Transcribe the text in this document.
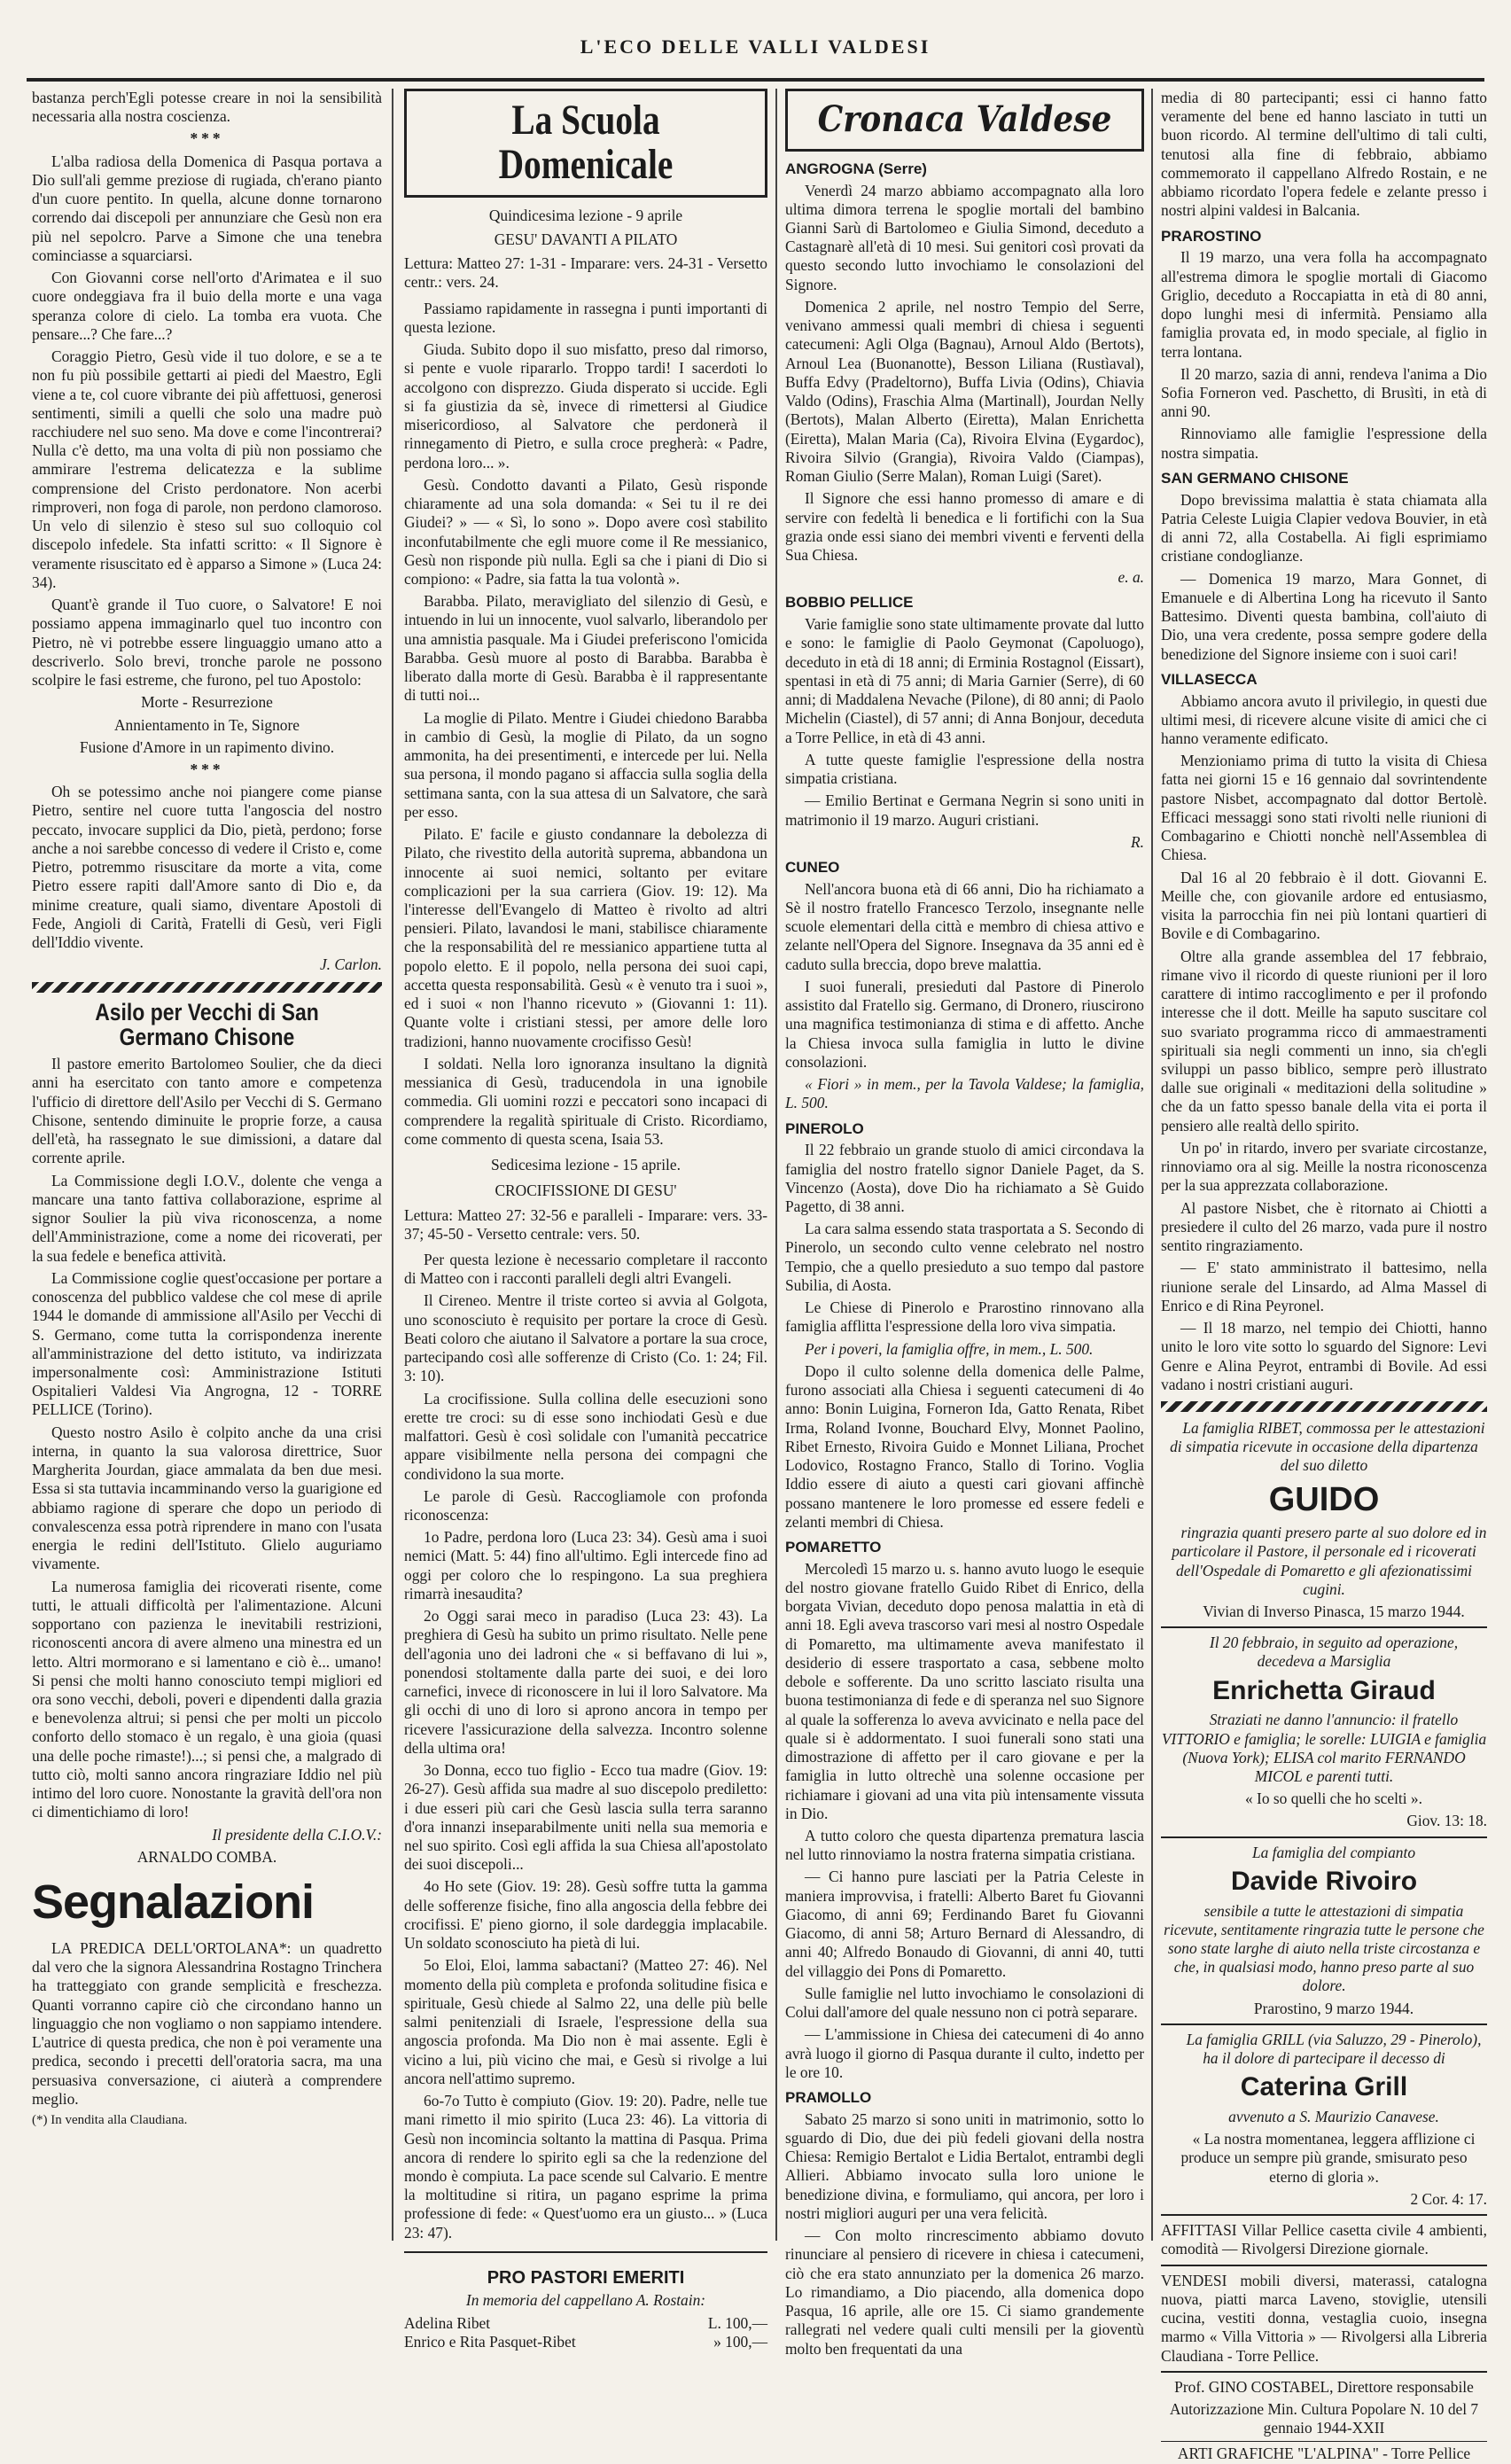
L'ECO DELLE VALLI VALDESI

bastanza perch'Egli potesse creare in noi la sensibilità necessaria alla nostra coscienza.

***

L'alba radiosa della Domenica di Pasqua portava a Dio sull'ali gemme preziose di rugiada, ch'erano pianto d'un cuore pentito. In quella, alcune donne tornarono correndo dai discepoli per annunziare che Gesù non era più nel sepolcro. Parve a Simone che una tenebra cominciasse a squarciarsi.

Con Giovanni corse nell'orto d'Arimatea e il suo cuore ondeggiava fra il buio della morte e una vaga speranza colore di cielo. La tomba era vuota. Che pensare...? Che fare...?

Coraggio Pietro, Gesù vide il tuo dolore, e se a te non fu più possibile gettarti ai piedi del Maestro, Egli viene a te, col cuore vibrante dei più affettuosi, generosi sentimenti, simili a quelli che solo una madre può racchiudere nel suo seno. Ma dove e come l'incontrerai? Nulla c'è detto, ma una volta di più non possiamo che ammirare l'estrema delicatezza e la sublime comprensione del Cristo perdonatore. Non acerbi rimproveri, non foga di parole, non perdono clamoroso. Un velo di silenzio è steso sul suo colloquio col discepolo infedele. Sta infatti scritto: « Il Signore è veramente risuscitato ed è apparso a Simone » (Luca 24: 34).

Quant'è grande il Tuo cuore, o Salvatore! E noi possiamo appena immaginarlo quel tuo incontro con Pietro, nè vi potrebbe essere linguaggio umano atto a descriverlo. Solo brevi, tronche parole ne possono scolpire le fasi estreme, che furono, pel tuo Apostolo:

Morte - Resurrezione

Annientamento in Te, Signore

Fusione d'Amore in un rapimento divino.

***

Oh se potessimo anche noi piangere come pianse Pietro, sentire nel cuore tutta l'angoscia del nostro peccato, invocare supplici da Dio, pietà, perdono; forse anche a noi sarebbe concesso di vedere il Cristo e, come Pietro, potremmo risuscitare da morte a vita, come Pietro essere rapiti dall'Amore santo di Dio e, da minime creature, quali siamo, diventare Apostoli di Fede, Angioli di Carità, Fratelli di Gesù, veri Figli dell'Iddio vivente.

J. Carlon.

Asilo per Vecchi di San Germano Chisone

Il pastore emerito Bartolomeo Soulier, che da dieci anni ha esercitato con tanto amore e competenza l'ufficio di direttore dell'Asilo per Vecchi di S. Germano Chisone, sentendo diminuite le proprie forze, a causa dell'età, ha rassegnato le sue dimissioni, a datare dal corrente aprile.

La Commissione degli I.O.V., dolente che venga a mancare una tanto fattiva collaborazione, esprime al signor Soulier la più viva riconoscenza, a nome dell'Amministrazione, come a nome dei ricoverati, per la sua fedele e benefica attività.

La Commissione coglie quest'occasione per portare a conoscenza del pubblico valdese che col mese di aprile 1944 le domande di ammissione all'Asilo per Vecchi di S. Germano, come tutta la corrispondenza inerente all'amministrazione del detto istituto, va indirizzata impersonalmente così: Amministrazione Istituti Ospitalieri Valdesi Via Angrogna, 12 - TORRE PELLICE (Torino).

Questo nostro Asilo è colpito anche da una crisi interna, in quanto la sua valorosa direttrice, Suor Margherita Jourdan, giace ammalata da ben due mesi. Essa si sta tuttavia incamminando verso la guarigione ed abbiamo ragione di sperare che dopo un periodo di convalescenza essa potrà riprendere in mano con l'usata energia le redini dell'Istituto. Glielo auguriamo vivamente.

La numerosa famiglia dei ricoverati risente, come tutti, le attuali difficoltà per l'alimentazione. Alcuni sopportano con pazienza le inevitabili restrizioni, riconoscenti ancora di avere almeno una minestra ed un letto. Altri mormorano e si lamentano e ciò è... umano! Si pensi che molti hanno conosciuto tempi migliori ed ora sono vecchi, deboli, poveri e dipendenti dalla grazia e benevolenza altrui; si pensi che per molti un piccolo conforto dello stomaco è un regalo, è una gioia (quasi una delle poche rimaste!)...; si pensi che, a malgrado di tutto ciò, molti sanno ancora ringraziare Iddio nel più intimo del loro cuore. Nonostante la gravità dell'ora non ci dimentichiamo di loro!

Il presidente della C.I.O.V.:

ARNALDO COMBA.

Segnalazioni

LA PREDICA DELL'ORTOLANA*: un quadretto dal vero che la signora Alessandrina Rostagno Trinchera ha tratteggiato con grande semplicità e freschezza. Quanti vorranno capire ciò che circondano hanno un linguaggio che non vogliamo o non sappiamo intendere. L'autrice di questa predica, che non è poi veramente una predica, secondo i precetti dell'oratoria sacra, ma una persuasiva conversazione, ci aiuterà a comprendere meglio.

(*) In vendita alla Claudiana.

La Scuola Domenicale

Quindicesima lezione - 9 aprile

GESU' DAVANTI A PILATO

Lettura: Matteo 27: 1-31 - Imparare: vers. 24-31 - Versetto centr.: vers. 24.

Passiamo rapidamente in rassegna i punti importanti di questa lezione.

Giuda. Subito dopo il suo misfatto, preso dal rimorso, si pente e vuole ripararlo. Troppo tardi! I sacerdoti lo accolgono con disprezzo. Giuda disperato si uccide. Egli si fa giustizia da sè, invece di rimettersi al Giudice misericordioso, al Salvatore che perdonerà il rinnegamento di Pietro, e sulla croce pregherà: « Padre, perdona loro... ».

Gesù. Condotto davanti a Pilato, Gesù risponde chiaramente ad una sola domanda: « Sei tu il re dei Giudei? » — « Sì, lo sono ». Dopo avere così stabilito inconfutabilmente che egli muore come il Re messianico, Gesù non risponde più nulla. Egli sa che i piani di Dio si compiono: « Padre, sia fatta la tua volontà ».

Barabba. Pilato, meravigliato del silenzio di Gesù, e intuendo in lui un innocente, vuol salvarlo, liberandolo per una amnistia pasquale. Ma i Giudei preferiscono l'omicida Barabba. Gesù muore al posto di Barabba. Barabba è liberato dalla morte di Gesù. Barabba è il rappresentante di tutti noi...

La moglie di Pilato. Mentre i Giudei chiedono Barabba in cambio di Gesù, la moglie di Pilato, da un sogno ammonita, ha dei presentimenti, e intercede per lui. Nella sua persona, il mondo pagano si affaccia sulla soglia della settimana santa, con la sua attesa di un Salvatore, che sarà per esso.

Pilato. E' facile e giusto condannare la debolezza di Pilato, che rivestito della autorità suprema, abbandona un innocente ai suoi nemici, soltanto per evitare complicazioni per la sua carriera (Giov. 19: 12). Ma l'interesse dell'Evangelo di Matteo è rivolto ad altri pensieri. Pilato, lavandosi le mani, stabilisce chiaramente che la responsabilità del re messianico appartiene tutta al popolo eletto. E il popolo, nella persona dei suoi capi, accetta questa responsabilità. Gesù « è venuto tra i suoi », ed i suoi « non l'hanno ricevuto » (Giovanni 1: 11). Quante volte i cristiani stessi, per amore delle loro tradizioni, hanno nuovamente crocifisso Gesù!

I soldati. Nella loro ignoranza insultano la dignità messianica di Gesù, traducendola in una ignobile commedia. Gli uomini rozzi e peccatori sono incapaci di comprendere la regalità spirituale di Cristo. Ricordiamo, come commento di questa scena, Isaia 53.

Sedicesima lezione - 15 aprile.

CROCIFISSIONE DI GESU'

Lettura: Matteo 27: 32-56 e paralleli - Imparare: vers. 33-37; 45-50 - Versetto centrale: vers. 50.

Per questa lezione è necessario completare il racconto di Matteo con i racconti paralleli degli altri Evangeli.

Il Cireneo. Mentre il triste corteo si avvia al Golgota, uno sconosciuto è requisito per portare la croce di Gesù. Beati coloro che aiutano il Salvatore a portare la sua croce, partecipando così alle sofferenze di Cristo (Co. 1: 24; Fil. 3: 10).

La crocifissione. Sulla collina delle esecuzioni sono erette tre croci: su di esse sono inchiodati Gesù e due malfattori. Gesù è così solidale con l'umanità peccatrice appare visibilmente nella persona dei compagni che condividono la sua morte.

Le parole di Gesù. Raccogliamole con profonda riconoscenza:

1o Padre, perdona loro (Luca 23: 34). Gesù ama i suoi nemici (Matt. 5: 44) fino all'ultimo. Egli intercede fino ad oggi per coloro che lo respingono. La sua preghiera rimarrà inesaudita?

2o Oggi sarai meco in paradiso (Luca 23: 43). La preghiera di Gesù ha subito un primo risultato. Nelle pene dell'agonia uno dei ladroni che « si beffavano di lui », ponendosi stoltamente dalla parte dei suoi, e dei loro carnefici, invece di riconoscere in lui il loro Salvatore. Ma gli occhi di uno di loro si aprono ancora in tempo per ricevere l'assicurazione della salvezza. Incontro solenne della ultima ora!

3o Donna, ecco tuo figlio - Ecco tua madre (Giov. 19: 26-27). Gesù affida sua madre al suo discepolo prediletto: i due esseri più cari che Gesù lascia sulla terra saranno d'ora innanzi inseparabilmente uniti nella sua memoria e nel suo spirito. Così egli affida la sua Chiesa all'apostolato dei suoi discepoli...

4o Ho sete (Giov. 19: 28). Gesù soffre tutta la gamma delle sofferenze fisiche, fino alla angoscia della febbre dei crocifissi. E' pieno giorno, il sole dardeggia implacabile. Un soldato sconosciuto ha pietà di lui.

5o Eloi, Eloi, lamma sabactani? (Matteo 27: 46). Nel momento della più completa e profonda solitudine fisica e spirituale, Gesù chiede al Salmo 22, una delle più belle salmi penitenziali di Israele, l'espressione della sua angoscia profonda. Ma Dio non è mai assente. Egli è vicino a lui, più vicino che mai, e Gesù si rivolge a lui ancora nell'attimo supremo.

6o-7o Tutto è compiuto (Giov. 19: 20). Padre, nelle tue mani rimetto il mio spirito (Luca 23: 46). La vittoria di Gesù non incomincia soltanto la mattina di Pasqua. Prima ancora di rendere lo spirito egli sa che la redenzione del mondo è compiuta. La pace scende sul Calvario. E mentre la moltitudine si ritira, un pagano esprime la prima professione di fede: « Quest'uomo era un giusto... » (Luca 23: 47).

PRO PASTORI EMERITI

In memoria del cappellano A. Rostain:

Adelina Ribet	L. 100,—
Enrico e Rita Pasquet-Ribet	» 100,—
Cronaca Valdese
ANGROGNA (Serre)

Venerdì 24 marzo abbiamo accompagnato alla loro ultima dimora terrena le spoglie mortali del bambino Gianni Sarù di Bartolomeo e Giulia Simond, deceduto a Castagnarè all'età di 10 mesi. Sui genitori così provati da questo secondo lutto invochiamo le consolazioni del Signore.

Domenica 2 aprile, nel nostro Tempio del Serre, venivano ammessi quali membri di chiesa i seguenti catecumeni: Agli Olga (Bagnau), Arnoul Aldo (Bertots), Arnoul Lea (Buonanotte), Besson Liliana (Rustìaval), Buffa Edvy (Pradeltorno), Buffa Livia (Odins), Chiavia Valdo (Odins), Fraschia Alma (Martinall), Jourdan Nelly (Bertots), Malan Alberto (Eiretta), Malan Enrichetta (Eiretta), Malan Maria (Ca), Rivoira Elvina (Eygardoc), Rivoira Silvio (Grangia), Rivoira Valdo (Ciampas), Roman Giulio (Serre Malan), Roman Luigi (Saret).

Il Signore che essi hanno promesso di amare e di servire con fedeltà li benedica e li fortifichi con la Sua grazia onde essi siano dei membri viventi e ferventi della Sua Chiesa.

e. a.

BOBBIO PELLICE

Varie famiglie sono state ultimamente provate dal lutto e sono: le famiglie di Paolo Geymonat (Capoluogo), deceduto in età di 18 anni; di Erminia Rostagnol (Eissart), spentasi in età di 75 anni; di Maria Garnier (Serre), di 60 anni; di Maddalena Nevache (Pilone), di 80 anni; di Paolo Michelin (Ciastel), di 57 anni; di Anna Bonjour, deceduta a Torre Pellice, in età di 43 anni.

A tutte queste famiglie l'espressione della nostra simpatia cristiana.

— Emilio Bertinat e Germana Negrin si sono uniti in matrimonio il 19 marzo. Auguri cristiani.

R.

CUNEO

Nell'ancora buona età di 66 anni, Dio ha richiamato a Sè il nostro fratello Francesco Terzolo, insegnante nelle scuole elementari della città e membro di chiesa attivo e zelante nell'Opera del Signore. Insegnava da 35 anni ed è caduto sulla breccia, dopo breve malattia.

I suoi funerali, presieduti dal Pastore di Pinerolo assistito dal Fratello sig. Germano, di Dronero, riuscirono una magnifica testimonianza di stima e di affetto. Anche la Chiesa invoca sulla famiglia in lutto le divine consolazioni.

« Fiori » in mem., per la Tavola Valdese; la famiglia, L. 500.

PINEROLO

Il 22 febbraio un grande stuolo di amici circondava la famiglia del nostro fratello signor Daniele Paget, da S. Vincenzo (Aosta), dove Dio ha richiamato a Sè Guido Pagetto, di 38 anni.

La cara salma essendo stata trasportata a S. Secondo di Pinerolo, un secondo culto venne celebrato nel nostro Tempio, che a quello presieduto a suo tempo dal pastore Subilia, di Aosta.

Le Chiese di Pinerolo e Prarostino rinnovano alla famiglia afflitta l'espressione della loro viva simpatia.

Per i poveri, la famiglia offre, in mem., L. 500.

Dopo il culto solenne della domenica delle Palme, furono associati alla Chiesa i seguenti catecumeni di 4o anno: Bonin Luigina, Forneron Ida, Gatto Renata, Ribet Irma, Roland Ivonne, Bouchard Elvy, Monnet Paolino, Ribet Ernesto, Rivoira Guido e Monnet Liliana, Prochet Lodovico, Rostagno Franco, Stallo di Torino. Voglia Iddio essere di aiuto a questi cari giovani affinchè possano mantenere le loro promesse ed essere fedeli e zelanti membri di Chiesa.

POMARETTO

Mercoledì 15 marzo u. s. hanno avuto luogo le esequie del nostro giovane fratello Guido Ribet di Enrico, della borgata Vivian, deceduto dopo penosa malattia in età di anni 18. Egli aveva trascorso vari mesi al nostro Ospedale di Pomaretto, ma ultimamente aveva manifestato il desiderio di essere trasportato a casa, sebbene molto debole e sofferente. Da uno scritto lasciato risulta una buona testimonianza di fede e di speranza nel suo Signore al quale la sofferenza lo aveva avvicinato e nella pace del quale si è addormentato. I suoi funerali sono stati una dimostrazione di affetto per il caro giovane e per la famiglia in lutto oltrechè una solenne occasione per richiamare i giovani ad una vita più intensamente vissuta in Dio.

A tutto coloro che questa dipartenza prematura lascia nel lutto rinnoviamo la nostra fraterna simpatia cristiana.

— Ci hanno pure lasciati per la Patria Celeste in maniera improvvisa, i fratelli: Alberto Baret fu Giovanni Giacomo, di anni 69; Ferdinando Baret fu Giovanni Giacomo, di anni 58; Arturo Bernard di Alessandro, di anni 40; Alfredo Bonaudo di Giovanni, di anni 40, tutti del villaggio dei Pons di Pomaretto.

Sulle famiglie nel lutto invochiamo le consolazioni di Colui dall'amore del quale nessuno non ci potrà separare.

— L'ammissione in Chiesa dei catecumeni di 4o anno avrà luogo il giorno di Pasqua durante il culto, indetto per le ore 10.

PRAMOLLO

Sabato 25 marzo si sono uniti in matrimonio, sotto lo sguardo di Dio, due dei più fedeli giovani della nostra Chiesa: Remigio Bertalot e Lidia Bertalot, entrambi degli Allieri. Abbiamo invocato sulla loro unione le benedizione divina, e formuliamo, qui ancora, per loro i nostri migliori auguri per una vera felicità.

— Con molto rincrescimento abbiamo dovuto rinunciare al pensiero di ricevere in chiesa i catecumeni, ciò che era stato annunziato per la domenica 26 marzo. Lo rimandiamo, a Dio piacendo, alla domenica dopo Pasqua, 16 aprile, alle ore 15. Ci siamo grandemente rallegrati nel vedere quali culti mensili per la gioventù molto ben frequentati da una

media di 80 partecipanti; essi ci hanno fatto veramente del bene ed hanno lasciato in tutti un buon ricordo. Al termine dell'ultimo di tali culti, tenutosi alla fine di febbraio, abbiamo commemorato il cappellano Alfredo Rostain, e ne abbiamo ricordato l'opera fedele e zelante presso i nostri alpini valdesi in Balcania.

PRAROSTINO

Il 19 marzo, una vera folla ha accompagnato all'estrema dimora le spoglie mortali di Giacomo Griglio, deceduto a Roccapiatta in età di 80 anni, dopo lunghi mesi di infermità. Pensiamo alla famiglia provata ed, in modo speciale, al figlio in terra lontana.

Il 20 marzo, sazia di anni, rendeva l'anima a Dio Sofia Forneron ved. Paschetto, di Brusìti, in età di anni 90.

Rinnoviamo alle famiglie l'espressione della nostra simpatia.

SAN GERMANO CHISONE

Dopo brevissima malattia è stata chiamata alla Patria Celeste Luigia Clapier vedova Bouvier, in età di anni 72, alla Costabella. Ai figli esprimiamo cristiane condoglianze.

— Domenica 19 marzo, Mara Gonnet, di Emanuele e di Albertina Long ha ricevuto il Santo Battesimo. Diventi questa bambina, coll'aiuto di Dio, una vera credente, possa sempre godere della benedizione del Signore insieme con i suoi cari!

VILLASECCA

Abbiamo ancora avuto il privilegio, in questi due ultimi mesi, di ricevere alcune visite di amici che ci hanno veramente edificato.

Menzioniamo prima di tutto la visita di Chiesa fatta nei giorni 15 e 16 gennaio dal sovrintendente pastore Nisbet, accompagnato dal dottor Bertolè. Efficaci messaggi sono stati rivolti nelle riunioni di Combagarino e Chiotti nonchè nell'Assemblea di Chiesa.

Dal 16 al 20 febbraio è il dott. Giovanni E. Meille che, con giovanile ardore ed entusiasmo, visita la parrocchia fin nei più lontani quartieri di Bovile e di Combagarino.

Oltre alla grande assemblea del 17 febbraio, rimane vivo il ricordo di queste riunioni per il loro carattere di intimo raccoglimento e per il profondo interesse che il dott. Meille ha saputo suscitare col suo svariato programma ricco di ammaestramenti spirituali sia negli commenti un inno, sia ch'egli sviluppi un passo biblico, sempre però illustrato dalle sue originali « meditazioni della solitudine » che da un fatto spesso banale della vita ei porta il pensiero alle realtà dello spirito.

Un po' in ritardo, invero per svariate circostanze, rinnoviamo ora al sig. Meille la nostra riconoscenza per la sua apprezzata collaborazione.

Al pastore Nisbet, che è ritornato ai Chiotti a presiedere il culto del 26 marzo, vada pure il nostro sentito ringraziamento.

— E' stato amministrato il battesimo, nella riunione serale del Linsardo, ad Alma Massel di Enrico e di Rina Peyronel.

— Il 18 marzo, nel tempio dei Chiotti, hanno unito le loro vite sotto lo sguardo del Signore: Levi Genre e Alina Peyrot, entrambi di Bovile. Ad essi vadano i nostri cristiani auguri.

La famiglia RIBET, commossa per le attestazioni di simpatia ricevute in occasione della dipartenza del suo diletto

GUIDO

ringrazia quanti presero parte al suo dolore ed in particolare il Pastore, il personale ed i ricoverati dell'Ospedale di Pomaretto e gli afezionatissimi cugini.

Vivian di Inverso Pinasca, 15 marzo 1944.

Il 20 febbraio, in seguito ad operazione, decedeva a Marsiglia

Enrichetta Giraud

Straziati ne danno l'annuncio: il fratello VITTORIO e famiglia; le sorelle: LUIGIA e famiglia (Nuova York); ELISA col marito FERNANDO MICOL e parenti tutti.

« Io so quelli che ho scelti ».

Giov. 13: 18.

La famiglia del compianto

Davide Rivoiro

sensibile a tutte le attestazioni di simpatia ricevute, sentitamente ringrazia tutte le persone che sono state larghe di aiuto nella triste circostanza e che, in qualsiasi modo, hanno preso parte al suo dolore.

Prarostino, 9 marzo 1944.

La famiglia GRILL (via Saluzzo, 29 - Pinerolo), ha il dolore di partecipare il decesso di

Caterina Grill

avvenuto a S. Maurizio Canavese.

« La nostra momentanea, leggera afflizione ci produce un sempre più grande, smisurato peso eterno di gloria ».

2 Cor. 4: 17.

AFFITTASI Villar Pellice casetta civile 4 ambienti, comodità — Rivolgersi Direzione giornale.

VENDESI mobili diversi, materassi, catalogna nuova, piatti marca Laveno, stoviglie, utensili cucina, vestiti donna, vestaglia cuoio, insegna marmo « Villa Vittoria » — Rivolgersi alla Libreria Claudiana - Torre Pellice.

Prof. GINO COSTABEL, Direttore responsabile

Autorizzazione Min. Cultura Popolare N. 10 del 7 gennaio 1944-XXII

ARTI GRAFICHE "L'ALPINA" - Torre Pellice
